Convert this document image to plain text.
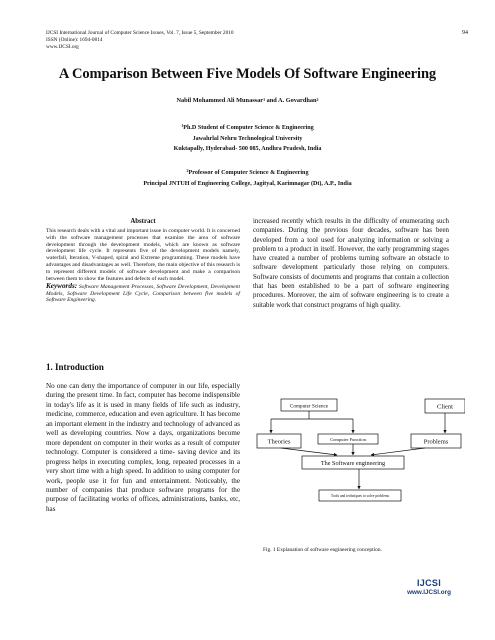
IJCSI International Journal of Computer Science Issues, Vol. 7, Issue 5, September 2010
ISSN (Online): 1694-0814
www.IJCSI.org
94
A Comparison Between Five Models Of Software Engineering
Nabil Mohammed Ali Munassar$^1$ and A. Govardhan$^2$
$^1$Ph.D Student of Computer Science & Engineering
Jawahrlal Nehru Technological University
Kuktapally, Hyderabad- 500 085, Andhra Pradesh, India
$^2$Professor of Computer Science & Engineering
Principal JNTUH of Engineering College, Jagityal, Karimnagar (Dt), A.P., India
Abstract
This research deals with a vital and important issue in computer world. It is concerned with the software management processes that examine the area of software development through the development models, which are known as software development life cycle. It represents five of the development models namely, waterfall, Iteration, V-shaped, spiral and Extreme programming. These models have advantages and disadvantages as well. Therefore, the main objective of this research is to represent different models of software development and make a comparison between them to show the features and defects of each model.
Keywords: Software Management Processes, Software Development, Development Models, Software Development Life Cycle, Comparison between five models of Software Engineering.
increased recently which results in the difficulty of enumerating such companies. During the previous four decades, software has been developed from a tool used for analyzing information or solving a problem to a product in itself. However, the early programming stages have created a number of problems turning software an obstacle to software development particularly those relying on computers. Software consists of documents and programs that contain a collection that has been established to be a part of software engineering procedures. Moreover, the aim of software engineering is to create a suitable work that construct programs of high quality.
1. Introduction
No one can deny the importance of computer in our life, especially during the present time. In fact, computer has become indispensible in today's life as it is used in many fields of life such as industry, medicine, commerce, education and even agriculture. It has become an important element in the industry and technology of advanced as well as developing countries. Now a days, organizations become more dependent on computer in their works as a result of computer technology. Computer is considered a time- saving device and its progress helps in executing complex, long, repeated processes in a very short time with a high speed. In addition to using computer for work, people use it for fun and entertainment. Noticeably, the number of companies that produce software programs for the purpose of facilitating works of offices, administrations, banks, etc, has
Computer Science	Client
Theories	Computer Function	Problems
The Software engineering
Tools and techniques to solve problems
Fig. 1 Explanation of software engineering conception.
IJCSI
www.IJCSI.org
